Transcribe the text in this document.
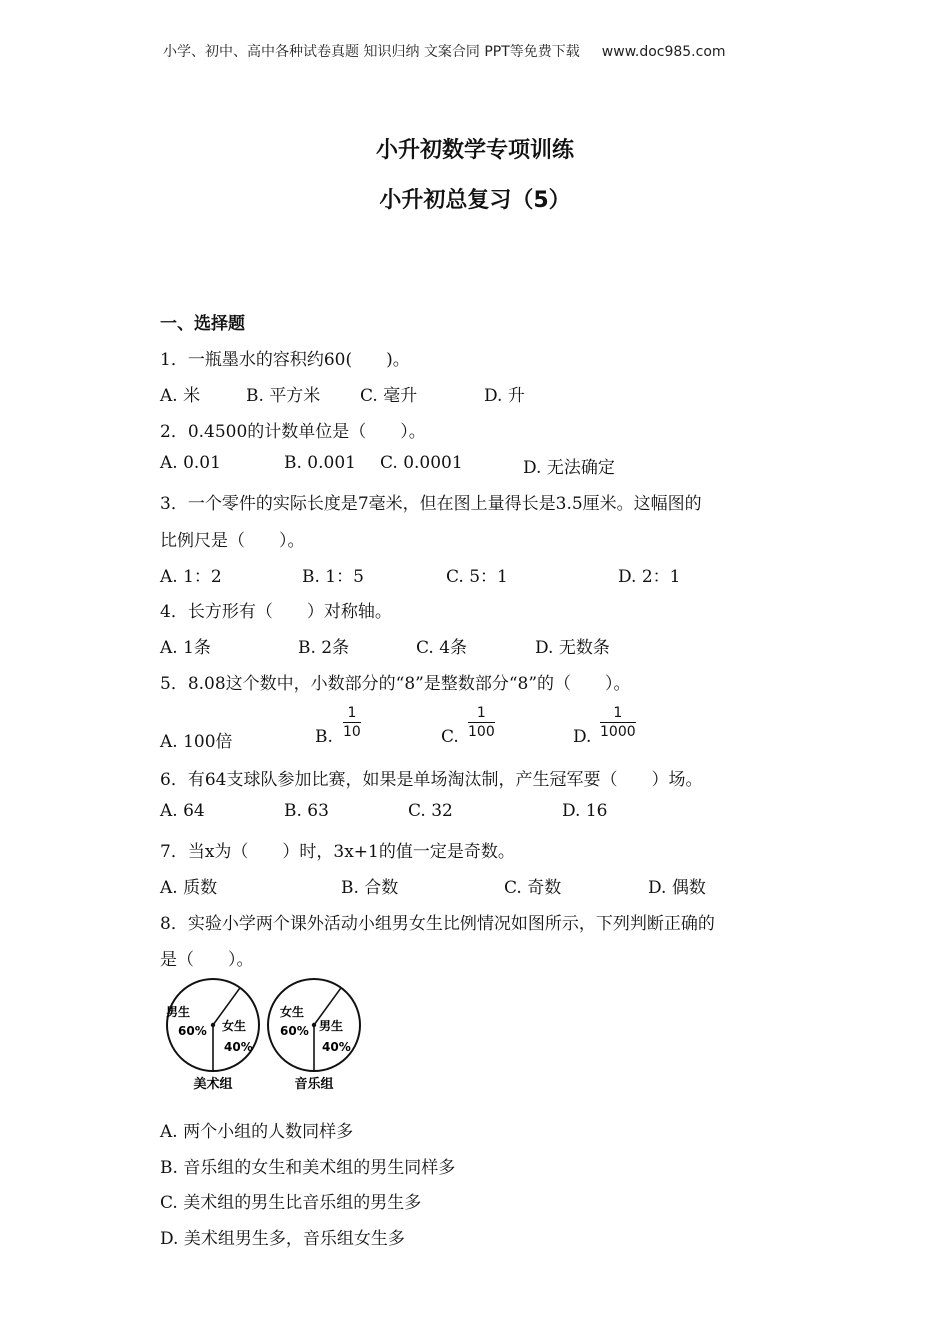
小学、初中、高中各种试卷真题 知识归纳 文案合同 PPT等免费下载 www.doc985.com
小升初数学专项训练
小升初总复习（5）
一、选择题
1．一瓶墨水的容积约60(　　)。
A. 米	B. 平方米 C. 毫升	D. 升
2．0.4500的计数单位是（　　）。
A. 0.01	B. 0.001 C. 0.0001	D. 无法确定
3．一个零件的实际长度是7毫米，但在图上量得长是3.5厘米。这幅图的
比例尺是（　　）。
A. 1：2	B. 1：5	C. 5：1	D. 2：1
4．长方形有（　　）对称轴。
A. 1条	B. 2条	C. 4条	D. 无数条
5．8.08这个数中，小数部分的“8”是整数部分“8”的（　　）。
A. 100倍	B. $\frac{1}{10}$	C. $\frac{1}{100}$	D. $\frac{1}{1000}$
6．有64支球队参加比赛，如果是单场淘汰制，产生冠军要（　　）场。
A. 64	B. 63	C. 32	D. 16
7．当x为（　　）时，3x+1的值一定是奇数。
A. 质数	B. 合数	C. 奇数	D. 偶数
8．实验小学两个课外活动小组男女生比例情况如图所示，下列判断正确的
是（　　）。
男生
60% 女生
40%
美术组
女生
60% 男生
40%
音乐组
A. 两个小组的人数同样多
B. 音乐组的女生和美术组的男生同样多
C. 美术组的男生比音乐组的男生多
D. 美术组男生多，音乐组女生多
